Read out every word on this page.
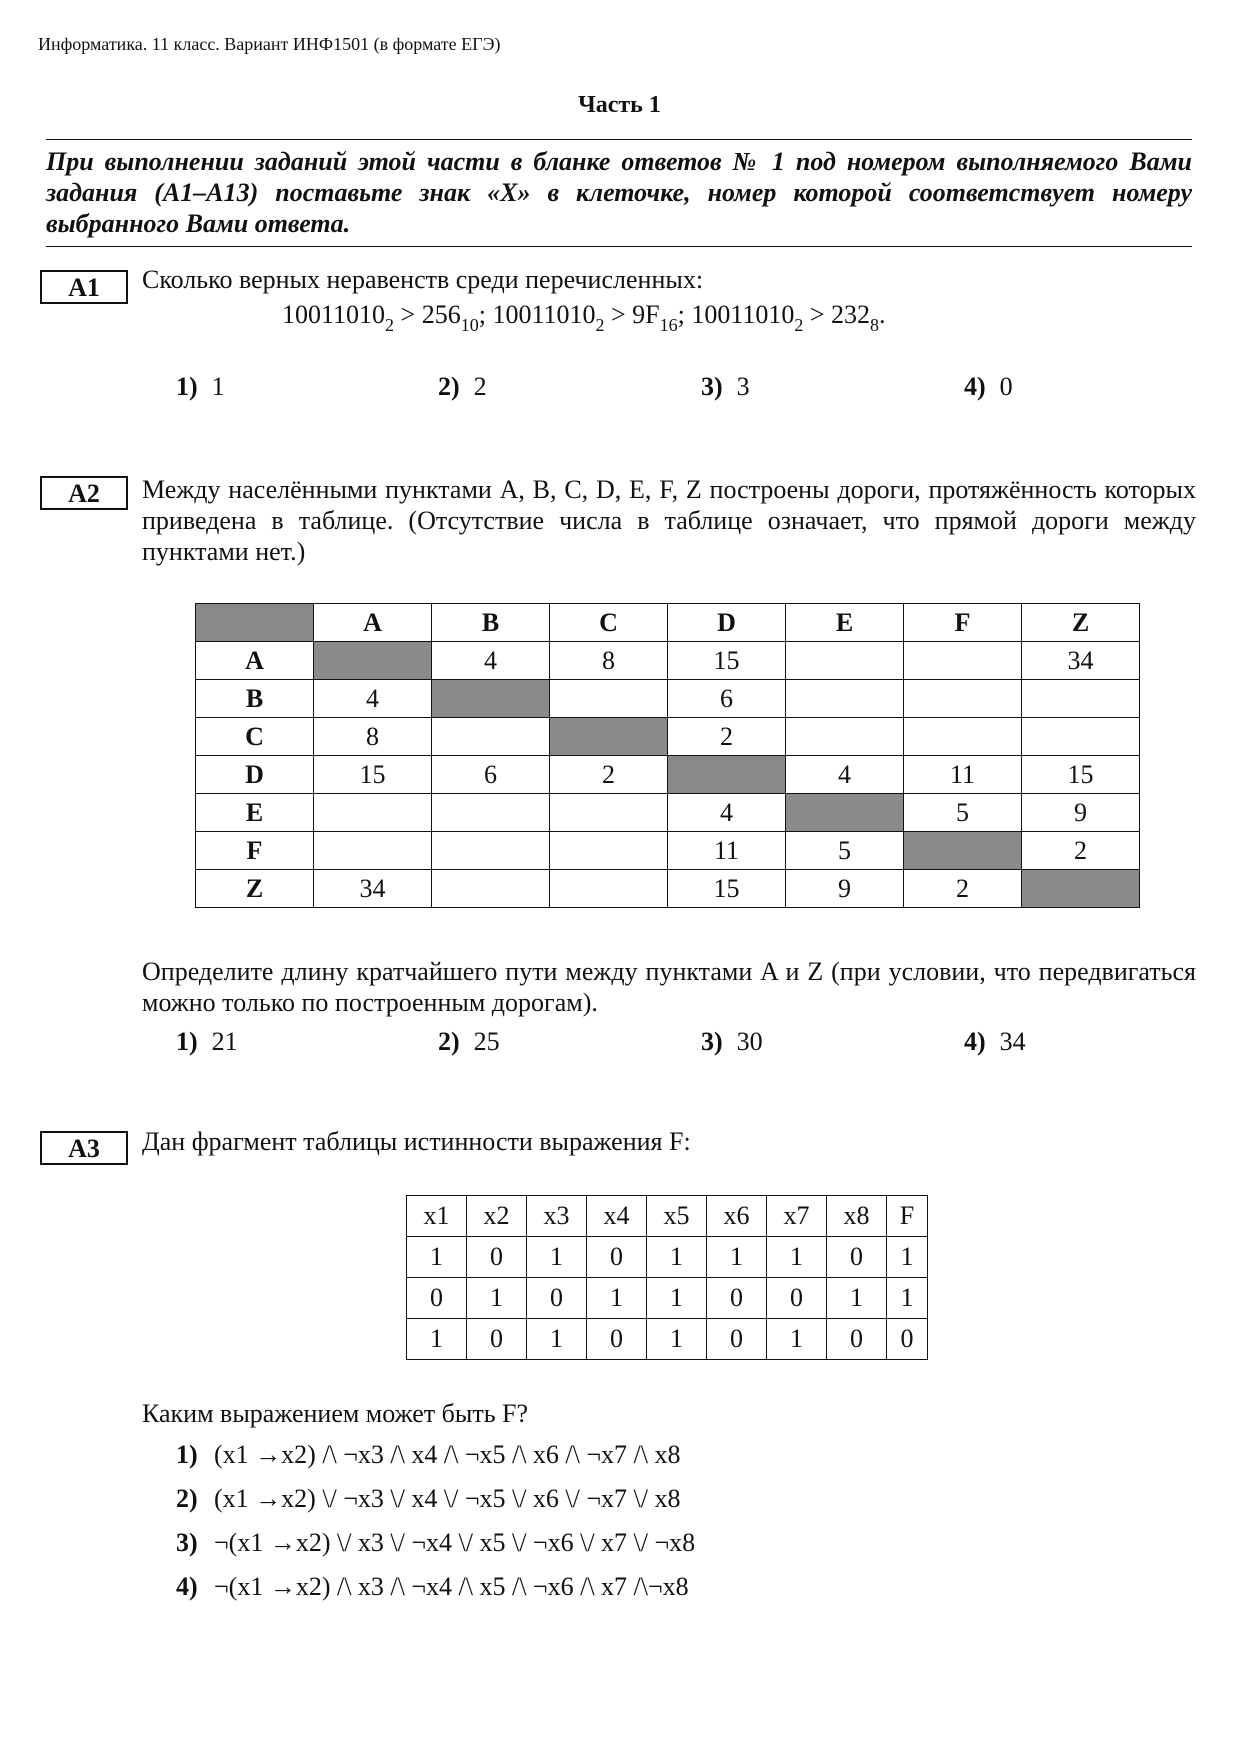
Информатика. 11 класс. Вариант ИНФ1501 (в формате ЕГЭ)
Часть 1
При выполнении заданий этой части в бланке ответов № 1 под номером выполняемого Вами задания (А1–А13) поставьте знак «X» в клеточке, номер которой соответствует номеру выбранного Вами ответа.
A1	Сколько верных неравенств среди перечисленных:
$10011010_2 > 256_{10}$; $10011010_2 > 9F_{16}$; $10011010_2 > 232_8$.
1) 1	2) 2	3) 3	4) 0
A2	Между населёнными пунктами A, B, C, D, E, F, Z построены дороги, протяжённость которых приведена в таблице. (Отсутствие числа в таблице означает, что прямой дороги между пунктами нет.)
	A	B	C	D	E	F	Z
A		4	8	15			34
B	4			6			
C	8			2			
D	15	6	2		4	11	15
E				4		5	9
F				11	5		2
Z	34			15	9	2	
Определите длину кратчайшего пути между пунктами A и Z (при условии, что передвигаться можно только по построенным дорогам).
1) 21	2) 25	3) 30	4) 34
A3	Дан фрагмент таблицы истинности выражения F:
x1	x2	x3	x4	x5	x6	x7	x8	F
1	0	1	0	1	1	1	0	1
0	1	0	1	1	0	0	1	1
1	0	1	0	1	0	1	0	0
Каким выражением может быть F?
1) (x1 →x2) /\ ¬x3 /\ x4 /\ ¬x5 /\ x6 /\ ¬x7 /\ x8
2) (x1 →x2) \/ ¬x3 \/ x4 \/ ¬x5 \/ x6 \/ ¬x7 \/ x8
3) ¬(x1 →x2) \/ x3 \/ ¬x4 \/ x5 \/ ¬x6 \/ x7 \/ ¬x8
4) ¬(x1 →x2) /\ x3 /\ ¬x4 /\ x5 /\ ¬x6 /\ x7 /\¬x8
